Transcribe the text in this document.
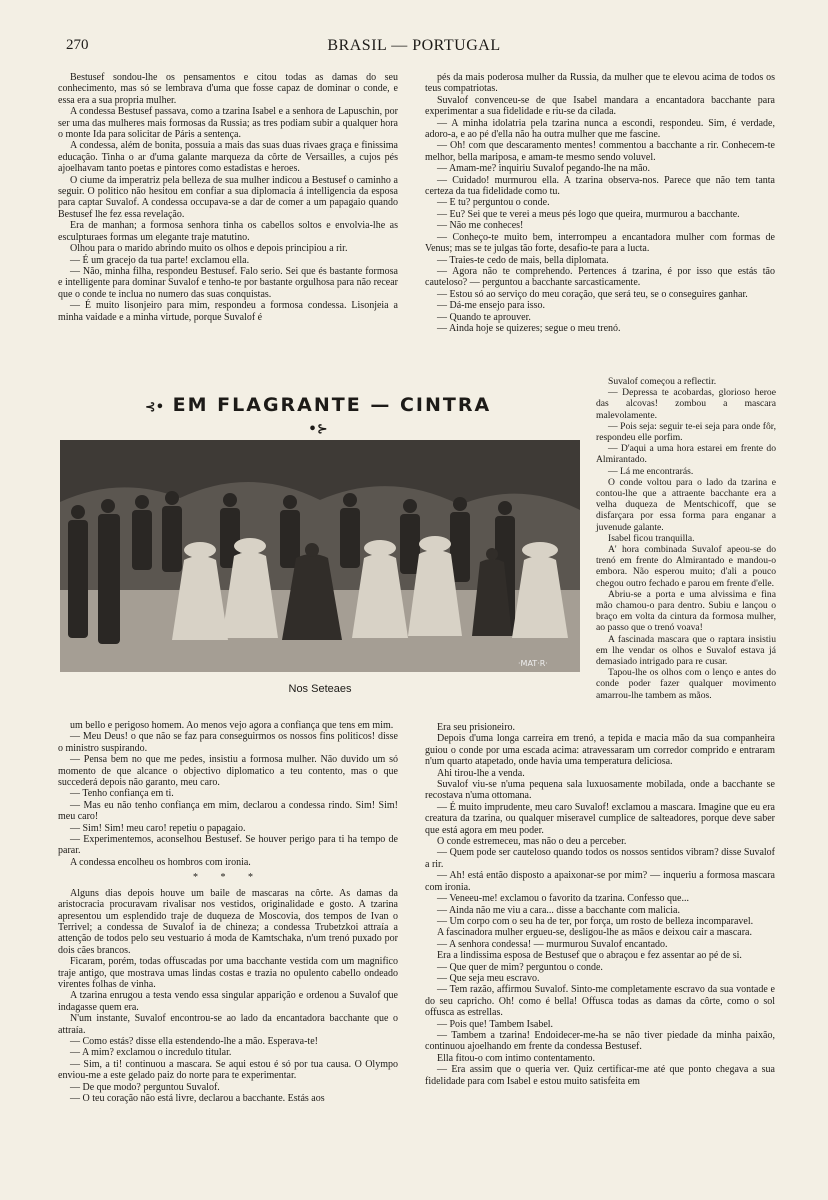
270	BRASIL — PORTUGAL

Bestusef sondou-lhe os pensamentos e citou todas as damas do seu conhecimento, mas só se lembrava d'uma que fosse capaz de dominar o conde, e essa era a sua propria mulher.

A condessa Bestusef passava, como a tzarina Isabel e a senhora de Lapuschin, por ser uma das mulheres mais formosas da Russia; as tres podiam subir a qualquer hora o monte Ida para solicitar de Páris a sentença.

A condessa, além de bonita, possuia a mais das suas duas rivaes graça e finissima educação. Tinha o ar d'uma galante marqueza da côrte de Versailles, a cujos pés ajoelhavam tanto poetas e pintores como estadistas e heroes.

O ciume da imperatriz pela belleza de sua mulher indicou a Bestusef o caminho a seguir. O politico não hesitou em confiar a sua diplomacia á intelligencia da esposa para captar Suvalof. A condessa occupava-se a dar de comer a um papagaio quando Bestusef lhe fez essa revelação.

Era de manhan; a formosa senhora tinha os cabellos soltos e envolvia-lhe as esculpturaes formas um elegante traje matutino.

Olhou para o marido abrindo muito os olhos e depois principiou a rir.

— É um gracejo da tua parte! exclamou ella.

— Não, minha filha, respondeu Bestusef. Falo serio. Sei que és bastante formosa e intelligente para dominar Suvalof e tenho-te por bastante orgulhosa para não recear que o conde te inclua no numero das suas conquistas.

— É muito lisonjeiro para mim, respondeu a formosa condessa. Lisonjeia a minha vaidade e a minha virtude, porque Suvalof é

pés da mais poderosa mulher da Russia, da mulher que te elevou acima de todos os teus compatriotas.

Suvalof convenceu-se de que Isabel mandara a encantadora bacchante para experimentar a sua fidelidade e riu-se da cilada.

— A minha idolatria pela tzarina nunca a escondi, respondeu. Sim, é verdade, adoro-a, e ao pé d'ella não ha outra mulher que me fascine.

— Oh! com que descaramento mentes! commentou a bacchante a rir. Conhecem-te melhor, bella mariposa, e amam-te mesmo sendo voluvel.

— Amam-me? inquiriu Suvalof pegando-lhe na mão.

— Cuidado! murmurou ella. A tzarina observa-nos. Parece que não tem tanta certeza da tua fidelidade como tu.

— E tu? perguntou o conde.

— Eu? Sei que te verei a meus pés logo que queira, murmurou a bacchante.

— Não me conheces!

— Conheço-te muito bem, interrompeu a encantadora mulher com formas de Venus; mas se te julgas tão forte, desafio-te para a lucta.

— Traies-te cedo de mais, bella diplomata.

— Agora não te comprehendo. Pertences á tzarina, é por isso que estás tão cauteloso? — perguntou a bacchante sarcasticamente.

— Estou só ao serviço do meu coração, que será teu, se o conseguires ganhar.

— Dá-me ensejo para isso.

— Quando te aprouver.

— Ainda hoje se quizeres; segue o meu trenó.

⊰• EM FLAGRANTE — CINTRA •⊱
·MAT·R·
Nos Seteaes

Suvalof começou a reflectir.

— Depressa te acobardas, glorioso heroe das alcovas! zombou a mascara malevolamente.

— Pois seja: seguir te-ei seja para onde fôr, respondeu elle porfim.

— D'aqui a uma hora estarei em frente do Almirantado.

— Lá me encontrarás.

O conde voltou para o lado da tzarina e contou-lhe que a attraente bacchante era a velha duqueza de Mentschicoff, que se disfarçara por essa forma para enganar a juvenude galante.

Isabel ficou tranquilla.

A' hora combinada Suvalof apeou-se do trenó em frente do Almirantado e mandou-o embora. Não esperou muito; d'ali a pouco chegou outro fechado e parou em frente d'elle.

Abriu-se a porta e uma alvissima e fina mão chamou-o para dentro. Subiu e lançou o braço em volta da cintura da formosa mulher, ao passo que o trenó voava!

A fascinada mascara que o raptara insistiu em lhe vendar os olhos e Suvalof estava já demasiado intrigado para re cusar.

Tapou-lhe os olhos com o lenço e antes do conde poder fazer qualquer movimento amarrou-lhe tambem as mãos.

um bello e perigoso homem. Ao menos vejo agora a confiança que tens em mim.

— Meu Deus! o que não se faz para conseguirmos os nossos fins politicos! disse o ministro suspirando.

— Pensa bem no que me pedes, insistiu a formosa mulher. Não duvido um só momento de que alcance o objectivo diplomatico a teu contento, mas o que succederá depois não garanto, meu caro.

— Tenho confiança em ti.

— Mas eu não tenho confiança em mim, declarou a condessa rindo. Sim! Sim! meu caro!

— Sim! Sim! meu caro! repetiu o papagaio.

— Experimentemos, aconselhou Bestusef. Se houver perigo para ti ha tempo de parar.

A condessa encolheu os hombros com ironia.

* * *

Alguns dias depois houve um baile de mascaras na côrte. As damas da aristocracia procuravam rivalisar nos vestidos, originalidade e gosto. A tzarina apresentou um esplendido traje de duqueza de Moscovia, dos tempos de Ivan o Terrivel; a condessa de Suvalof ia de chineza; a condessa Trubetzkoi attraía a attenção de todos pelo seu vestuario á moda de Kamtschaka, n'um trenó puxado por dois cães brancos.

Ficaram, porém, todas offuscadas por uma bacchante vestida com um magnifico traje antigo, que mostrava umas lindas costas e trazia no opulento cabello ondeado virentes folhas de vinha.

A tzarina enrugou a testa vendo essa singular apparição e ordenou a Suvalof que indagasse quem era.

N'um instante, Suvalof encontrou-se ao lado da encantadora bacchante que o attraía.

— Como estás? disse ella estendendo-lhe a mão. Esperava-te!

— A mim? exclamou o incredulo titular.

— Sim, a ti! continuou a mascara. Se aqui estou é só por tua causa. O Olympo enviou-me a este gelado paiz do norte para te experimentar.

— De que modo? perguntou Suvalof.

— O teu coração não está livre, declarou a bacchante. Estás aos

Era seu prisioneiro.

Depois d'uma longa carreira em trenó, a tepida e macia mão da sua companheira guiou o conde por uma escada acima: atravessaram um corredor comprido e entraram n'um quarto atapetado, onde havia uma temperatura deliciosa.

Ahi tirou-lhe a venda.

Suvalof viu-se n'uma pequena sala luxuosamente mobilada, onde a bacchante se recostava n'uma ottomana.

— É muito imprudente, meu caro Suvalof! exclamou a mascara. Imagine que eu era creatura da tzarina, ou qualquer miseravel cumplice de salteadores, porque deve saber que está agora em meu poder.

O conde estremeceu, mas não o deu a perceber.

— Quem pode ser cauteloso quando todos os nossos sentidos vibram? disse Suvalof a rir.

— Ah! está então disposto a apaixonar-se por mim? — inqueriu a formosa mascara com ironia.

— Veneeu-me! exclamou o favorito da tzarina. Confesso que...

— Ainda não me viu a cara... disse a bacchante com malicia.

— Um corpo com o seu ha de ter, por força, um rosto de belleza incomparavel.

A fascinadora mulher ergueu-se, desligou-lhe as mãos e deixou cair a mascara.

— A senhora condessa! — murmurou Suvalof encantado.

Era a lindissima esposa de Bestusef que o abraçou e fez assentar ao pé de si.

— Que quer de mim? perguntou o conde.

— Que seja meu escravo.

— Tem razão, affirmou Suvalof. Sinto-me completamente escravo da sua vontade e do seu capricho. Oh! como é bella! Offusca todas as damas da côrte, como o sol offusca as estrellas.

— Pois que! Tambem Isabel.

— Tambem a tzarina! Endoidecer-me-ha se não tiver piedade da minha paixão, continuou ajoelhando em frente da condessa Bestusef.

Ella fitou-o com intimo contentamento.

— Era assim que o queria ver. Quiz certificar-me até que ponto chegava a sua fidelidade para com Isabel e estou muito satisfeita em
